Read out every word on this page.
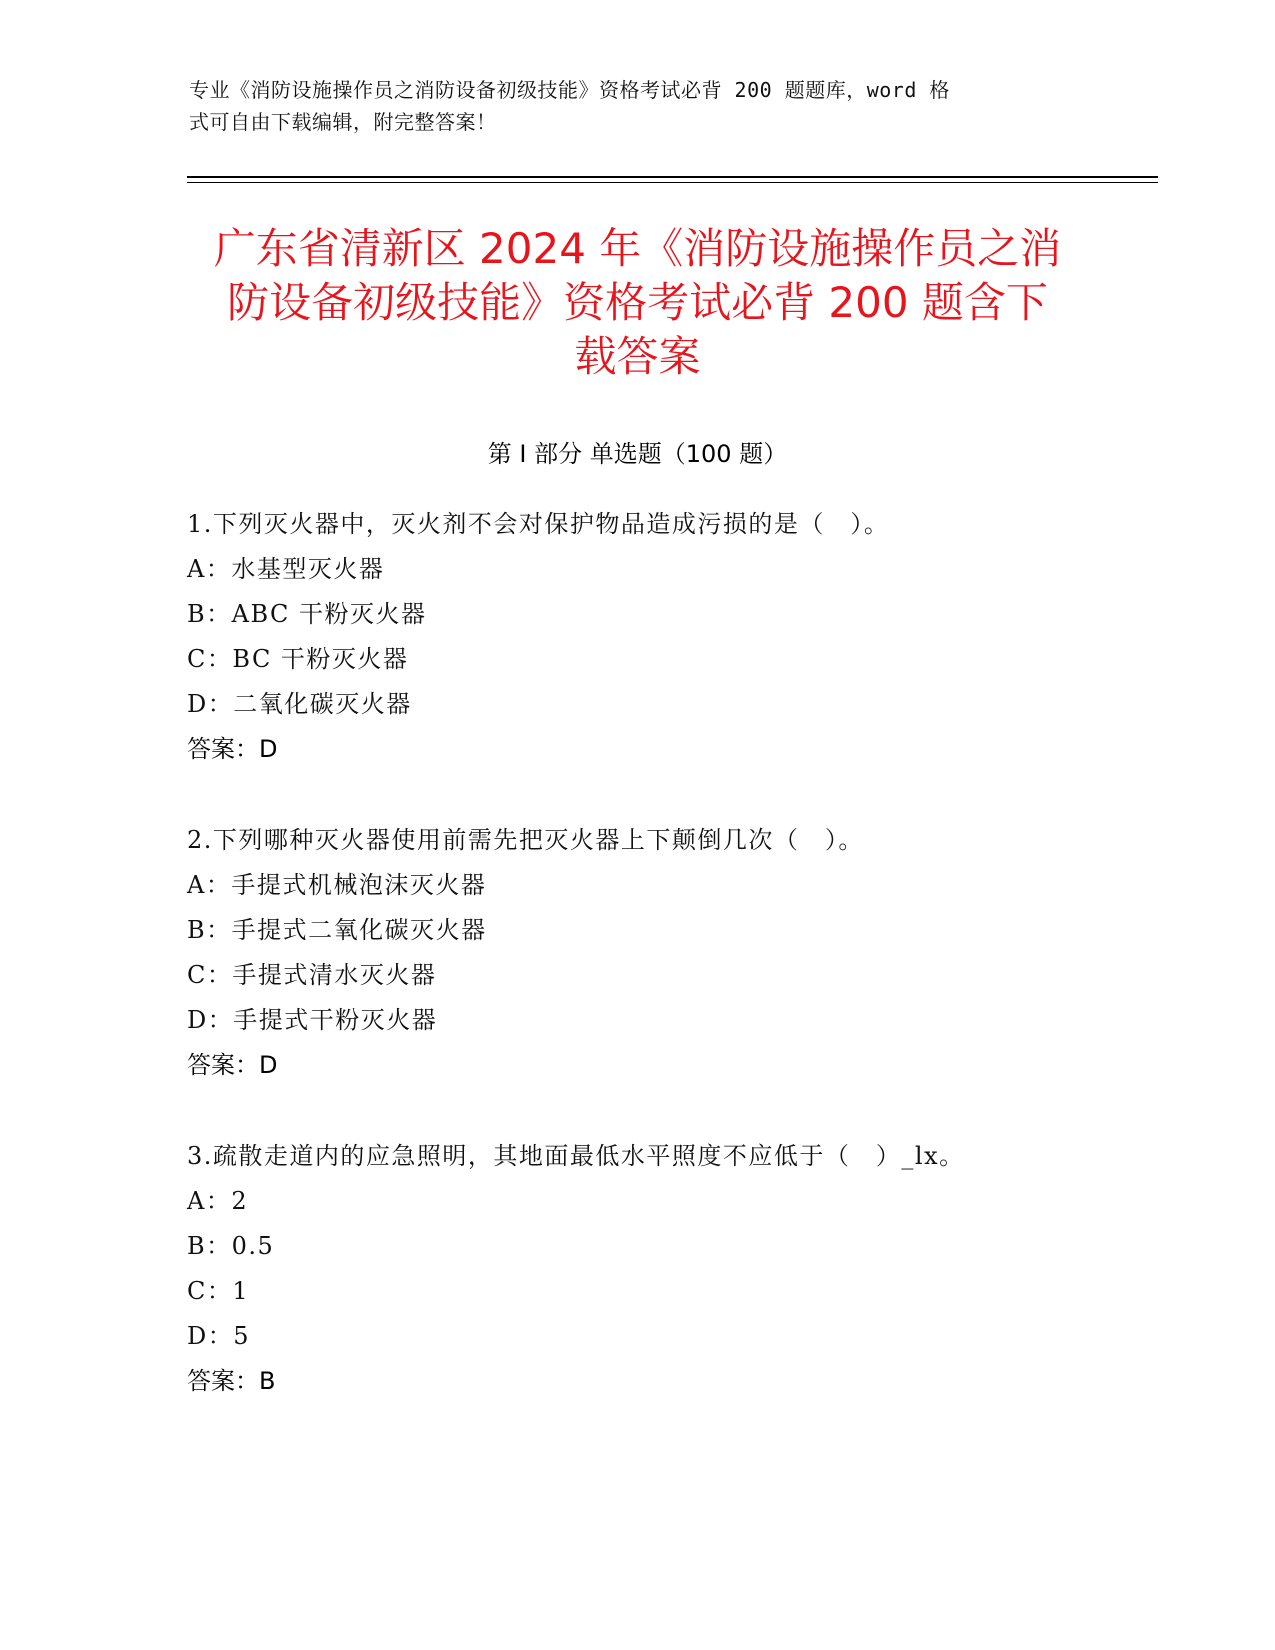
专业《消防设施操作员之消防设备初级技能》资格考试必背 200 题题库，word 格
式可自由下载编辑，附完整答案！
广东省清新区 2024 年《消防设施操作员之消
防设备初级技能》资格考试必背 200 题含下
载答案
第 I 部分 单选题（100 题）
1.下列灭火器中，灭火剂不会对保护物品造成污损的是（　）。
A：水基型灭火器
B：ABC 干粉灭火器
C：BC 干粉灭火器
D：二氧化碳灭火器
答案：D
2.下列哪种灭火器使用前需先把灭火器上下颠倒几次（　）。
A：手提式机械泡沫灭火器
B：手提式二氧化碳灭火器
C：手提式清水灭火器
D：手提式干粉灭火器
答案：D
3.疏散走道内的应急照明，其地面最低水平照度不应低于（　）_lx。
A：2
B：0.5
C：1
D：5
答案：B
